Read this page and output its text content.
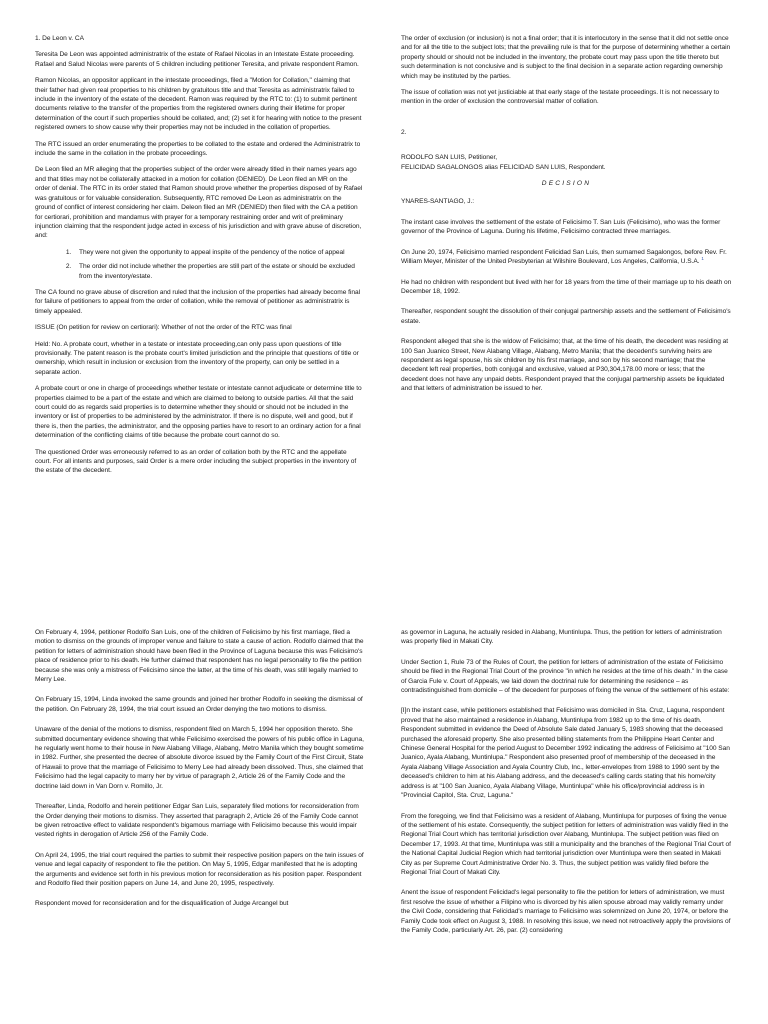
1. De Leon v. CA

Teresita De Leon was appointed administratrix of the estate of Rafael Nicolas in an Intestate Estate proceeding. Rafael and Salud Nicolas were parents of 5 children including petitioner Teresita, and private respondent Ramon.

Ramon Nicolas, an oppositor applicant in the intestate proceedings, filed a "Motion for Collation," claiming that their father had given real properties to his children by gratuitous title and that Teresita as administratrix failed to include in the inventory of the estate of the decedent. Ramon was required by the RTC to: (1) to submit pertinent documents relative to the transfer of the properties from the registered owners during their lifetime for proper determination of the court if such properties should be collated, and; (2) set it for hearing with notice to the present registered owners to show cause why their properties may not be included in the collation of properties.

The RTC issued an order enumerating the properties to be collated to the estate and ordered the Administratrix to include the same in the collation in the probate proceedings.

De Leon filed an MR alleging that the properties subject of the order were already titled in their names years ago and that titles may not be collaterally attacked in a motion for collation (DENIED). De Leon filed an MR on the order of denial. The RTC in its order stated that Ramon should prove whether the properties disposed of by Rafael was gratuitous or for valuable consideration. Subsequently, RTC removed De Leon as administratrix on the ground of conflict of interest considering her claim. Deleon filed an MR (DENIED) then filed with the CA a petition for certiorari, prohibition and mandamus with prayer for a temporary restraining order and writ of preliminary injunction claiming that the respondent judge acted in excess of his jurisdiction and with grave abuse of discretion, and:

1. They were not given the opportunity to appeal inspite of the pendency of the notice of appeal
2. The order did not include whether the properties are still part of the estate or should be excluded from the inventory/estate.

The CA found no grave abuse of discretion and ruled that the inclusion of the properties had already become final for failure of petitioners to appeal from the order of collation, while the removal of petitioner as administratrix is timely appealed.

ISSUE (On petition for review on certiorari): Whether of not the order of the RTC was final

Held: No. A probate court, whether in a testate or intestate proceeding,can only pass upon questions of title provisionally. The patent reason is the probate court's limited jurisdiction and the principle that questions of title or ownership, which result in inclusion or exclusion from the inventory of the property, can only be settled in a separate action.

A probate court or one in charge of proceedings whether testate or intestate cannot adjudicate or determine title to properties claimed to be a part of the estate and which are claimed to belong to outside parties. All that the said court could do as regards said properties is to determine whether they should or should not be included in the inventory or list of properties to be administered by the administrator. If there is no dispute, well and good, but if there is, then the parties, the administrator, and the opposing parties have to resort to an ordinary action for a final determination of the conflicting claims of title because the probate court cannot do so.

The questioned Order was erroneously referred to as an order of collation both by the RTC and the appellate court. For all intents and purposes, said Order is a mere order including the subject properties in the inventory of the estate of the decedent.

The order of exclusion (or inclusion) is not a final order; that it is interlocutory in the sense that it did not settle once and for all the title to the subject lots; that the prevailing rule is that for the purpose of determining whether a certain property should or should not be included in the inventory, the probate court may pass upon the title thereto but such determination is not conclusive and is subject to the final decision in a separate action regarding ownership which may be instituted by the parties.

The issue of collation was not yet justiciable at that early stage of the testate proceedings. It is not necessary to mention in the order of exclusion the controversial matter of collation.

2.

RODOLFO SAN LUIS, Petitioner,

FELICIDAD SAGALONGOS alias FELICIDAD SAN LUIS, Respondent.

DECISION

YNARES-SANTIAGO, J.:

The instant case involves the settlement of the estate of Felicisimo T. San Luis (Felicisimo), who was the former governor of the Province of Laguna. During his lifetime, Felicisimo contracted three marriages.

On June 20, 1974, Felicisimo married respondent Felicidad San Luis, then surnamed Sagalongos, before Rev. Fr. William Meyer, Minister of the United Presbyterian at Wilshire Boulevard, Los Angeles, California, U.S.A. $^1$

He had no children with respondent but lived with her for 18 years from the time of their marriage up to his death on December 18, 1992.

Thereafter, respondent sought the dissolution of their conjugal partnership assets and the settlement of Felicisimo's estate.

Respondent alleged that she is the widow of Felicisimo; that, at the time of his death, the decedent was residing at 100 San Juanico Street, New Alabang Village, Alabang, Metro Manila; that the decedent's surviving heirs are respondent as legal spouse, his six children by his first marriage, and son by his second marriage; that the decedent left real properties, both conjugal and exclusive, valued at P30,304,178.00 more or less; that the decedent does not have any unpaid debts. Respondent prayed that the conjugal partnership assets be liquidated and that letters of administration be issued to her.

On February 4, 1994, petitioner Rodolfo San Luis, one of the children of Felicisimo by his first marriage, filed a motion to dismiss on the grounds of improper venue and failure to state a cause of action. Rodolfo claimed that the petition for letters of administration should have been filed in the Province of Laguna because this was Felicisimo's place of residence prior to his death. He further claimed that respondent has no legal personality to file the petition because she was only a mistress of Felicisimo since the latter, at the time of his death, was still legally married to Merry Lee.

On February 15, 1994, Linda invoked the same grounds and joined her brother Rodolfo in seeking the dismissal of the petition. On February 28, 1994, the trial court issued an Order denying the two motions to dismiss.

Unaware of the denial of the motions to dismiss, respondent filed on March 5, 1994 her opposition thereto. She submitted documentary evidence showing that while Felicisimo exercised the powers of his public office in Laguna, he regularly went home to their house in New Alabang Village, Alabang, Metro Manila which they bought sometime in 1982. Further, she presented the decree of absolute divorce issued by the Family Court of the First Circuit, State of Hawaii to prove that the marriage of Felicisimo to Merry Lee had already been dissolved. Thus, she claimed that Felicisimo had the legal capacity to marry her by virtue of paragraph 2, Article 26 of the Family Code and the doctrine laid down in Van Dorn v. Romillo, Jr.

Thereafter, Linda, Rodolfo and herein petitioner Edgar San Luis, separately filed motions for reconsideration from the Order denying their motions to dismiss. They asserted that paragraph 2, Article 26 of the Family Code cannot be given retroactive effect to validate respondent's bigamous marriage with Felicisimo because this would impair vested rights in derogation of Article 256 of the Family Code.

On April 24, 1995, the trial court required the parties to submit their respective position papers on the twin issues of venue and legal capacity of respondent to file the petition. On May 5, 1995, Edgar manifested that he is adopting the arguments and evidence set forth in his previous motion for reconsideration as his position paper. Respondent and Rodolfo filed their position papers on June 14, and June 20, 1995, respectively.

Respondent moved for reconsideration and for the disqualification of Judge Arcangel but

as governor in Laguna, he actually resided in Alabang, Muntinlupa. Thus, the petition for letters of administration was properly filed in Makati City.

Under Section 1, Rule 73 of the Rules of Court, the petition for letters of administration of the estate of Felicisimo should be filed in the Regional Trial Court of the province "in which he resides at the time of his death." In the case of Garcia Fule v. Court of Appeals, we laid down the doctrinal rule for determining the residence – as contradistinguished from domicile – of the decedent for purposes of fixing the venue of the settlement of his estate:

[I]n the instant case, while petitioners established that Felicisimo was domiciled in Sta. Cruz, Laguna, respondent proved that he also maintained a residence in Alabang, Muntinlupa from 1982 up to the time of his death. Respondent submitted in evidence the Deed of Absolute Sale dated January 5, 1983 showing that the deceased purchased the aforesaid property. She also presented billing statements from the Philippine Heart Center and Chinese General Hospital for the period August to December 1992 indicating the address of Felicisimo at "100 San Juanico, Ayala Alabang, Muntinlupa." Respondent also presented proof of membership of the deceased in the Ayala Alabang Village Association and Ayala Country Club, Inc., letter-envelopes from 1988 to 1990 sent by the deceased's children to him at his Alabang address, and the deceased's calling cards stating that his home/city address is at "100 San Juanico, Ayala Alabang Village, Muntinlupa" while his office/provincial address is in "Provincial Capitol, Sta. Cruz, Laguna."

From the foregoing, we find that Felicisimo was a resident of Alabang, Muntinlupa for purposes of fixing the venue of the settlement of his estate. Consequently, the subject petition for letters of administration was validly filed in the Regional Trial Court which has territorial jurisdiction over Alabang, Muntinlupa. The subject petition was filed on December 17, 1993. At that time, Muntinlupa was still a municipality and the branches of the Regional Trial Court of the National Capital Judicial Region which had territorial jurisdiction over Muntinlupa were then seated in Makati City as per Supreme Court Administrative Order No. 3. Thus, the subject petition was validly filed before the Regional Trial Court of Makati City.

Anent the issue of respondent Felicidad's legal personality to file the petition for letters of administration, we must first resolve the issue of whether a Filipino who is divorced by his alien spouse abroad may validly remarry under the Civil Code, considering that Felicidad's marriage to Felicisimo was solemnized on June 20, 1974, or before the Family Code took effect on August 3, 1988. In resolving this issue, we need not retroactively apply the provisions of the Family Code, particularly Art. 26, par. (2) considering
